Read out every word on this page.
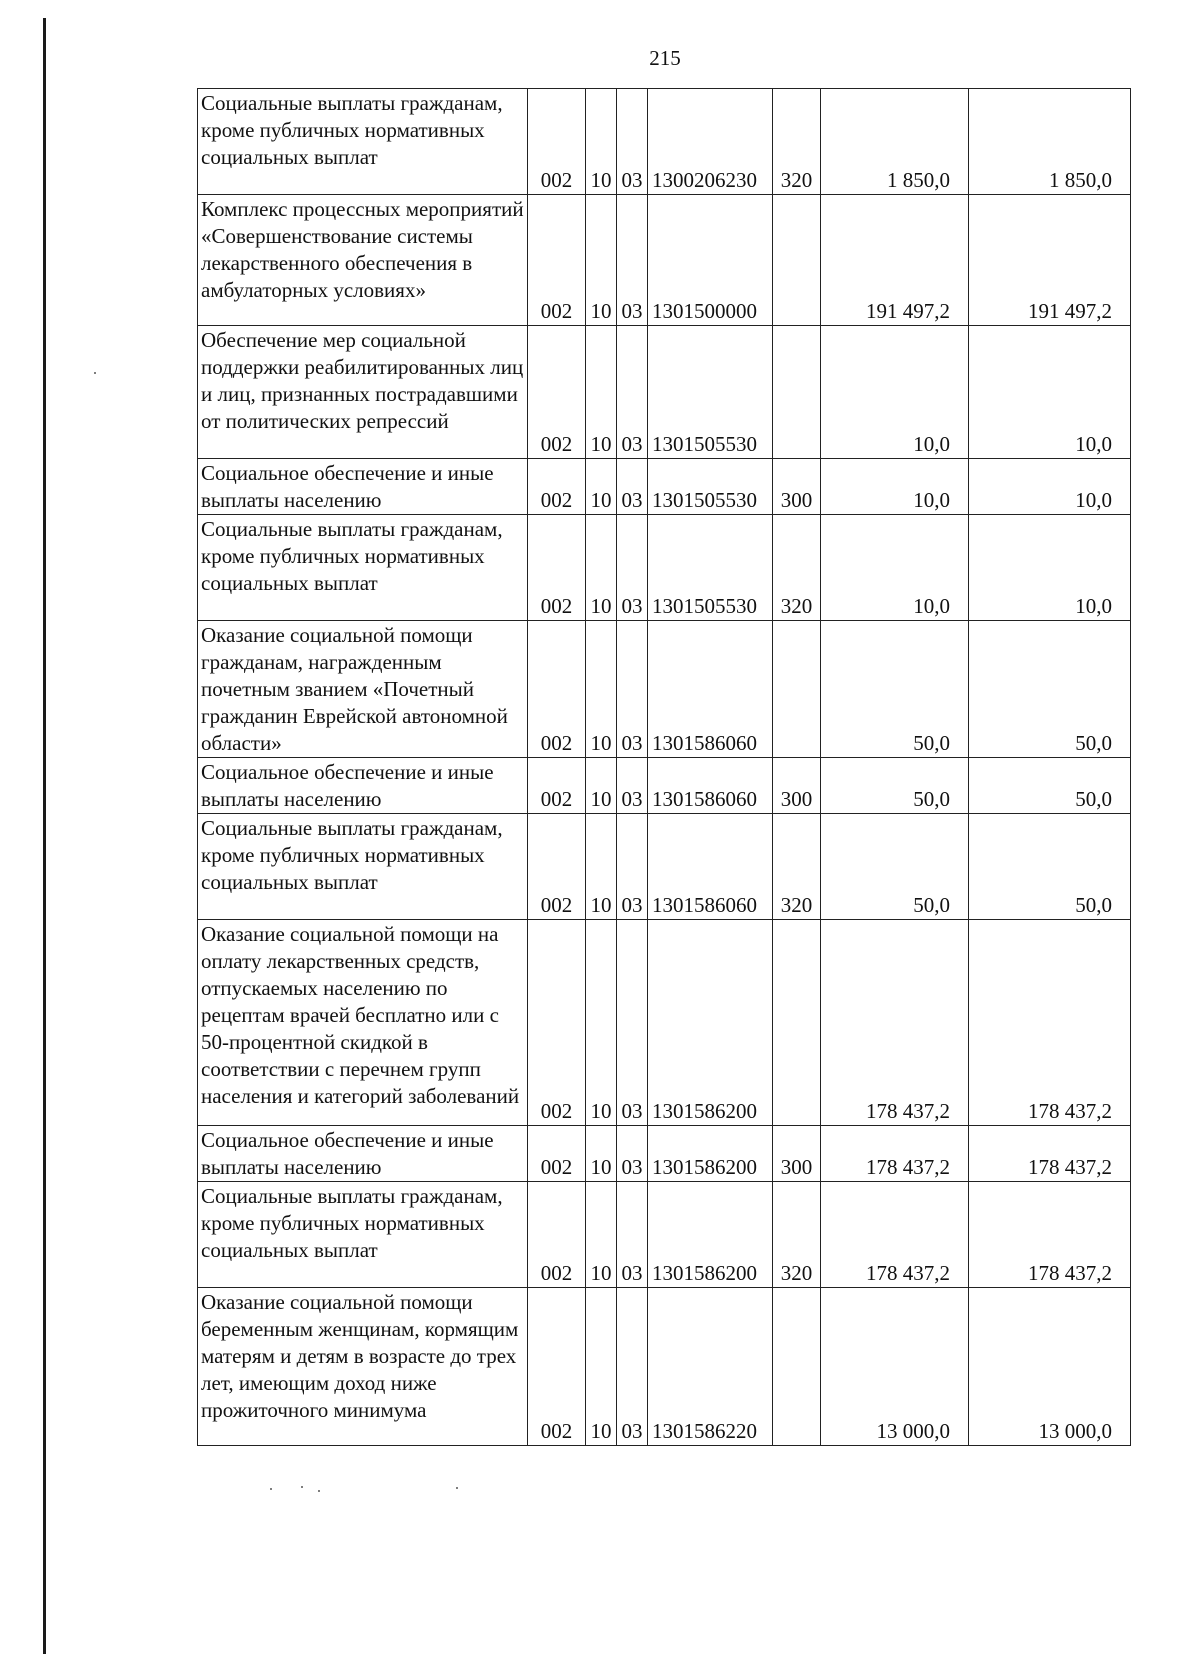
215
Социальные выплаты гражданам, кроме публичных нормативных социальных выплат	002	10	03	1300206230	320	1 850,0	1 850,0
Комплекс процессных мероприятий «Совершенствование системы лекарственного обеспечения в амбулаторных условиях»	002	10	03	1301500000		191 497,2	191 497,2
Обеспечение мер социальной поддержки реабилитированных лиц и лиц, признанных пострадавшими от политических репрессий	002	10	03	1301505530		10,0	10,0
Социальное обеспечение и иные выплаты населению	002	10	03	1301505530	300	10,0	10,0
Социальные выплаты гражданам, кроме публичных нормативных социальных выплат	002	10	03	1301505530	320	10,0	10,0
Оказание социальной помощи гражданам, награжденным почетным званием «Почетный гражданин Еврейской автономной области»	002	10	03	1301586060		50,0	50,0
Социальное обеспечение и иные выплаты населению	002	10	03	1301586060	300	50,0	50,0
Социальные выплаты гражданам, кроме публичных нормативных социальных выплат	002	10	03	1301586060	320	50,0	50,0
Оказание социальной помощи на оплату лекарственных средств, отпускаемых населению по рецептам врачей бесплатно или с 50-процентной скидкой в соответствии с перечнем групп населения и категорий заболеваний	002	10	03	1301586200		178 437,2	178 437,2
Социальное обеспечение и иные выплаты населению	002	10	03	1301586200	300	178 437,2	178 437,2
Социальные выплаты гражданам, кроме публичных нормативных социальных выплат	002	10	03	1301586200	320	178 437,2	178 437,2
Оказание социальной помощи беременным женщинам, кормящим матерям и детям в возрасте до трех лет, имеющим доход ниже прожиточного минимума	002	10	03	1301586220		13 000,0	13 000,0
